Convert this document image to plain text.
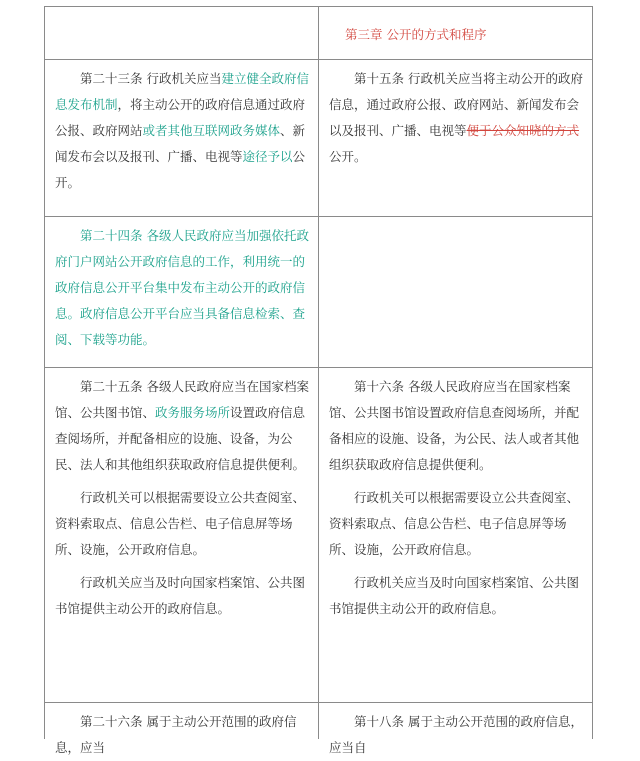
第三章 公开的方式和程序

第二十三条 行政机关应当建立健全政府信息发布机制，将主动公开的政府信息通过政府公报、政府网站或者其他互联网政务媒体、新闻发布会以及报刊、广播、电视等途径予以公开。

第十五条 行政机关应当将主动公开的政府信息，通过政府公报、政府网站、新闻发布会以及报刊、广播、电视等便于公众知晓的方式公开。

第二十四条 各级人民政府应当加强依托政府门户网站公开政府信息的工作，利用统一的政府信息公开平台集中发布主动公开的政府信息。政府信息公开平台应当具备信息检索、查阅、下载等功能。

第二十五条 各级人民政府应当在国家档案馆、公共图书馆、政务服务场所设置政府信息查阅场所，并配备相应的设施、设备，为公民、法人和其他组织获取政府信息提供便利。

行政机关可以根据需要设立公共查阅室、资料索取点、信息公告栏、电子信息屏等场所、设施，公开政府信息。

行政机关应当及时向国家档案馆、公共图书馆提供主动公开的政府信息。

第十六条 各级人民政府应当在国家档案馆、公共图书馆设置政府信息查阅场所，并配备相应的设施、设备，为公民、法人或者其他组织获取政府信息提供便利。

行政机关可以根据需要设立公共查阅室、资料索取点、信息公告栏、电子信息屏等场所、设施，公开政府信息。

行政机关应当及时向国家档案馆、公共图书馆提供主动公开的政府信息。

第二十六条 属于主动公开范围的政府信息，应当

第十八条 属于主动公开范围的政府信息，应当自
